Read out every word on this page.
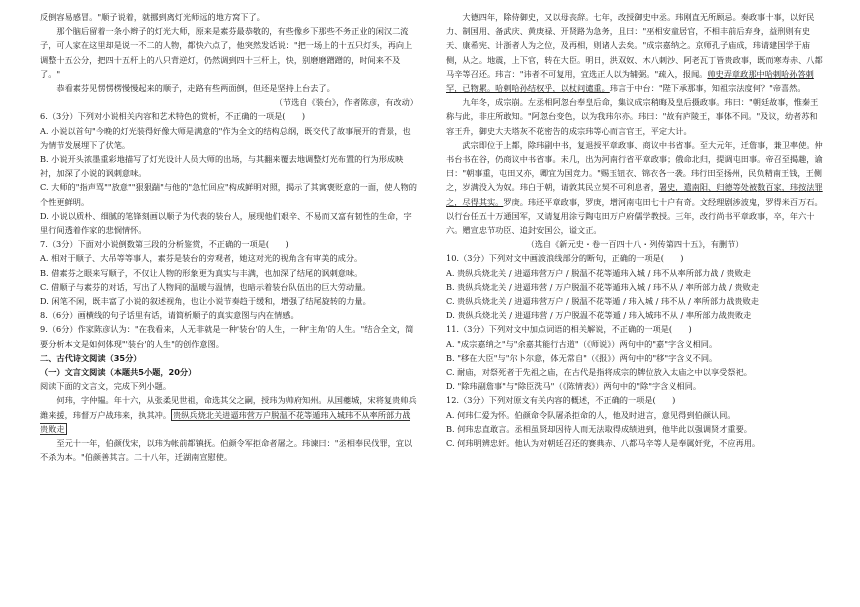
反倒容易感冒。"顺子说着，就挪到离灯光师远的地方窝下了。

那个脑后留着一条小辫子的灯光大师，原来是素芬最恭敬的，有些像乡下那些不务正业的闲汉二流子，可人家在这里却是说一不二的人物，都快六点了，他突然发话说："把一场上的十五只灯头，再向上调整十五公分，把四十五杆上的八只背逆灯，仍然调到四十三杆上，快，别磨磨蹭蹭的，时间来不及了。"

恭看素芬见愣愣楞慢慢起来的顺子，走路有些两面倒，但还是坚持上台去了。

（节选自《装台》，作者陈彦，有改动）

6.（3分）下列对小说相关内容和艺术特色的赏析，不正确的一项是(　　)

A. 小说以首句"今晚的灯光装得好像大师是满意的"作为全文的结构总纲，既交代了故事展开的背景，也为情节发展埋下了伏笔。

B. 小说开头浓墨重彩地描写了灯光设计人员大师的出场，与其翻来覆去地调整灯光布置的行为形成映衬，加深了小说的讽刺意味。

C. 大师的"指声骂""放意""狠狠踹"与他的"急忙回应"构成鲜明对照，揭示了其寓褒贬意的一面，使人物的个性更鲜明。

D. 小说以质朴、细腻的笔锋刻画以顺子为代表的装台人，展现他们艰辛、不易而又富有韧性的生命，字里行间透着作家的悲悯情怀。

7.（3分）下面对小说倒数第三段的分析鉴赏，不正确的一项是(　　)

A. 相对于顺子、大吊等等事人，素芬是装台的旁观者，她这对光的视角含有审美的成分。

B. 借素芬之眼来写顺子，不仅让人物的形象更为真实与丰满，也加深了结尾的讽刺意味。

C. 借顺子与素芬的对话，写出了人物间的温暖与温情，也暗示着装台队伍出的巨大劳动量。

D. 闲笔不闲，既丰富了小说的叙述视角，也让小说节奏趋于缓和，增强了结尾旋转的力量。

8.（6分）画横线的句子话里有话，请简析顺子的真实意图与内在情感。

9.（6分）作家陈彦认为："在我看来，人无非就是一种'装台'的人生，一种'主角'的人生。"结合全文，简要分析本文是如何体现"'装台'的人生"的创作意图。

二、古代诗文阅读（35分）

（一）文言文阅读（本题共5小题，20分）

阅读下面的文言文，完成下列小题。

何玮，字仲韫。年十六，从张柔见世祖，命选其父之嗣，授玮为帅府知州。从国夔城，宋将复贵帅兵潍来援，玮督万户战玮来，执其冲。 贵纵兵烧北关进逼玮营万户脱温不花等遁玮入城玮不从率所部力战贵败走

至元十一年，伯颜伐宋，以玮为帐前都镇抚。伯颜令军拒命者屠之。玮谏曰："丞相奉民伐罪，宜以不杀为本。"伯颜善其言。二十八年，迁湖南宣慰使。

大德四年，除侍御史，又以母丧辞。七年，改授御史中丞。玮刚直无所顾忌。奏政事十事，以好民力、制国用、备武庆、黄庚禄、开贤路为急务，且曰："巫相安童居官，不相丰前后弃身，益刑则有史天、康希宪、计浙者人为之位，及再相，则诸人去矣。"成宗嘉纳之。京师孔子庙成，玮请建国学于庙侧，从之。地震，上下官，转在大臣。明日，洪双奴、木八刺沙、阿老瓦丁皆贵政事，既而寒寿赤、八都马辛等召还。玮言："讳者不可复用，宜选正人以为辅弼。"疏入，报闻。帅史弄章政那中哈剌哈孙答刺罕，已物累。哈剌哈孙结权乎，以杖问谴重。玮言于中台："陛下承那事，知祖宗法度何？"帝喜然。

九年冬，成宗崩。左丞相阿忽台奉皇后命，集议成宗稍晦及皇后摄政事。玮曰："朝廷故事，惟秦王称与此，非庄所敢知。"阿忽台变色，以为我玮尔亦。玮曰："故有庐陵王，事体不同。"及议，幼者苏和容王升，御史大夫塔灰不花密告的成宗玮等心而言官王，平定大计。

武宗即位于上都，除玮副中书，复退授平章政事、商议中书省事。至大元年，迁詹事，兼卫率使。仲书台书在谷，仍商议中书省事。未几，出为河南行省平章政事；俄命北归，提调屯田事。帝召至揭趣，谕曰："朝事重，屯田又亦，卿宜为国竞力。"赐玉钮衣、锦衣各一袭。玮行田至扬州，民负精南王钱，王侧之，岁满没入为奴。玮白于朝，请敦其民立契不可利息者，署史，遣南阳、归德等处被数百家，玮按法罪之，尽得其实。罗庚。玮还平章政事，罗庚，增河南屯田七十户有奇。文经理剧涉波鬼，罗得米百万石。以行台任五十万通国军，又请复用涂亏陶屯田万户府儒学教授。三年，改行尚书平章政事，卒，年六十六。赠宣忠节功臣、追封安国公，谥文正。

（选自《新元史・卷一百四十八・列传第四十五》，有删节）

10.（3分）下列对文中画波浪线部分的断句，正确的一项是(　　)

A. 贵纵兵烧北关 / 进逼玮营万户 / 脱温不花等遁玮入城 / 玮不从率所部力战 / 贵败走

B. 贵纵兵烧北关 / 进逼玮营 / 万户脱温不花等遁玮入城 / 玮不从 / 率所部力战 / 贵败走

C. 贵纵兵烧北关 / 进逼玮营万户 / 脱温不花等遁 / 玮入城 / 玮不从 / 率所部力战贵败走

D. 贵纵兵烧北关 / 进逼玮营 / 万户脱温不花等遁 / 玮入城玮不从 / 率所部力战贵败走

11.（3分）下列对文中加点词语的相关解说，不正确的一项是(　　)

A. "成宗嘉纳之"与"余嘉其能行古道"（《师说》）两句中的"嘉"字含义相同。

B. "移在大臣"与"尔卜尔意，体无常自"（《报》）两句中的"移"字含义不同。

C. 耐庙，对祭死者于先祖之庙，在古代是指将成宗的牌位放入太庙之中以享受祭祀。

D. "除玮副詹事"与"除臣洗马"（《陈情表》）两句中的"除"字含义相同。

12.（3分）下列对原文有关内容的概述，不正确的一项是(　　)

A. 何玮仁爱为怀。伯颜命令队屠杀拒命的人，他及时进言，意见得到伯颜认同。

B. 何玮忠直敢言。丞相虽贤却因待人而无法取得成绩进到，他毕此以强调贤才重要。

C. 何玮明辨忠奸。他认为对朝廷召还的赛典赤、八都马辛等人是奉属奸党，不应再用。
